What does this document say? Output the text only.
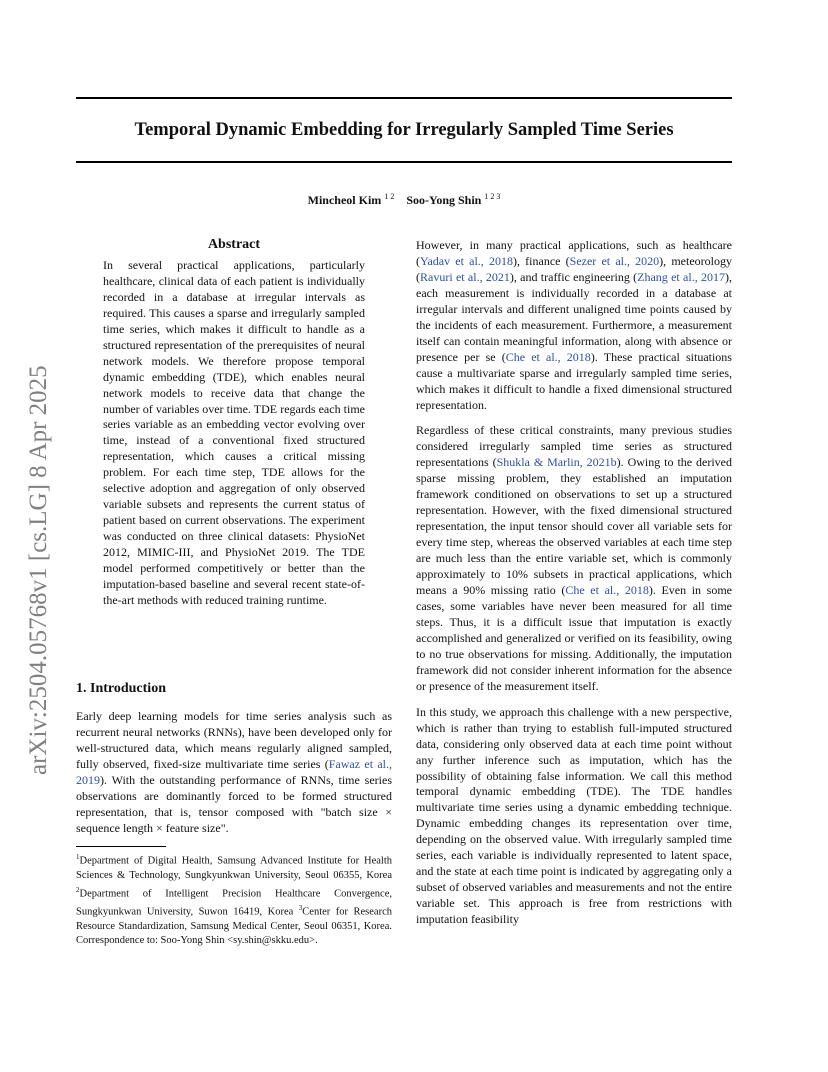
Temporal Dynamic Embedding for Irregularly Sampled Time Series
Mincheol Kim $^{1 2}$ Soo-Yong Shin $^{1 2 3}$
arXiv:2504.05768v1 [cs.LG] 8 Apr 2025
Abstract

In several practical applications, particularly healthcare, clinical data of each patient is individually recorded in a database at irregular intervals as required. This causes a sparse and irregularly sampled time series, which makes it difficult to handle as a structured representation of the prerequisites of neural network models. We therefore propose temporal dynamic embedding (TDE), which enables neural network models to receive data that change the number of variables over time. TDE regards each time series variable as an embedding vector evolving over time, instead of a conventional fixed structured representation, which causes a critical missing problem. For each time step, TDE allows for the selective adoption and aggregation of only observed variable subsets and represents the current status of patient based on current observations. The experiment was conducted on three clinical datasets: PhysioNet 2012, MIMIC-III, and PhysioNet 2019. The TDE model performed competitively or better than the imputation-based baseline and several recent state-of-the-art methods with reduced training runtime.

1. Introduction

Early deep learning models for time series analysis such as recurrent neural networks (RNNs), have been developed only for well-structured data, which means regularly aligned sampled, fully observed, fixed-size multivariate time series (Fawaz et al., 2019). With the outstanding performance of RNNs, time series observations are dominantly forced to be formed structured representation, that is, tensor composed with "batch size × sequence length × feature size".

$^1$Department of Digital Health, Samsung Advanced Institute for Health Sciences & Technology, Sungkyunkwan University, Seoul 06355, Korea $^2$Department of Intelligent Precision Healthcare Convergence, Sungkyunkwan University, Suwon 16419, Korea $^3$Center for Research Resource Standardization, Samsung Medical Center, Seoul 06351, Korea. Correspondence to: Soo-Yong Shin <sy.shin@skku.edu>.

However, in many practical applications, such as healthcare (Yadav et al., 2018), finance (Sezer et al., 2020), meteorology (Ravuri et al., 2021), and traffic engineering (Zhang et al., 2017), each measurement is individually recorded in a database at irregular intervals and different unaligned time points caused by the incidents of each measurement. Furthermore, a measurement itself can contain meaningful information, along with absence or presence per se (Che et al., 2018). These practical situations cause a multivariate sparse and irregularly sampled time series, which makes it difficult to handle a fixed dimensional structured representation.

Regardless of these critical constraints, many previous studies considered irregularly sampled time series as structured representations (Shukla & Marlin, 2021b). Owing to the derived sparse missing problem, they established an imputation framework conditioned on observations to set up a structured representation. However, with the fixed dimensional structured representation, the input tensor should cover all variable sets for every time step, whereas the observed variables at each time step are much less than the entire variable set, which is commonly approximately to 10% subsets in practical applications, which means a 90% missing ratio (Che et al., 2018). Even in some cases, some variables have never been measured for all time steps. Thus, it is a difficult issue that imputation is exactly accomplished and generalized or verified on its feasibility, owing to no true observations for missing. Additionally, the imputation framework did not consider inherent information for the absence or presence of the measurement itself.

In this study, we approach this challenge with a new perspective, which is rather than trying to establish full-imputed structured data, considering only observed data at each time point without any further inference such as imputation, which has the possibility of obtaining false information. We call this method temporal dynamic embedding (TDE). The TDE handles multivariate time series using a dynamic embedding technique. Dynamic embedding changes its representation over time, depending on the observed value. With irregularly sampled time series, each variable is individually represented to latent space, and the state at each time point is indicated by aggregating only a subset of observed variables and measurements and not the entire variable set. This approach is free from restrictions with imputation feasibility
